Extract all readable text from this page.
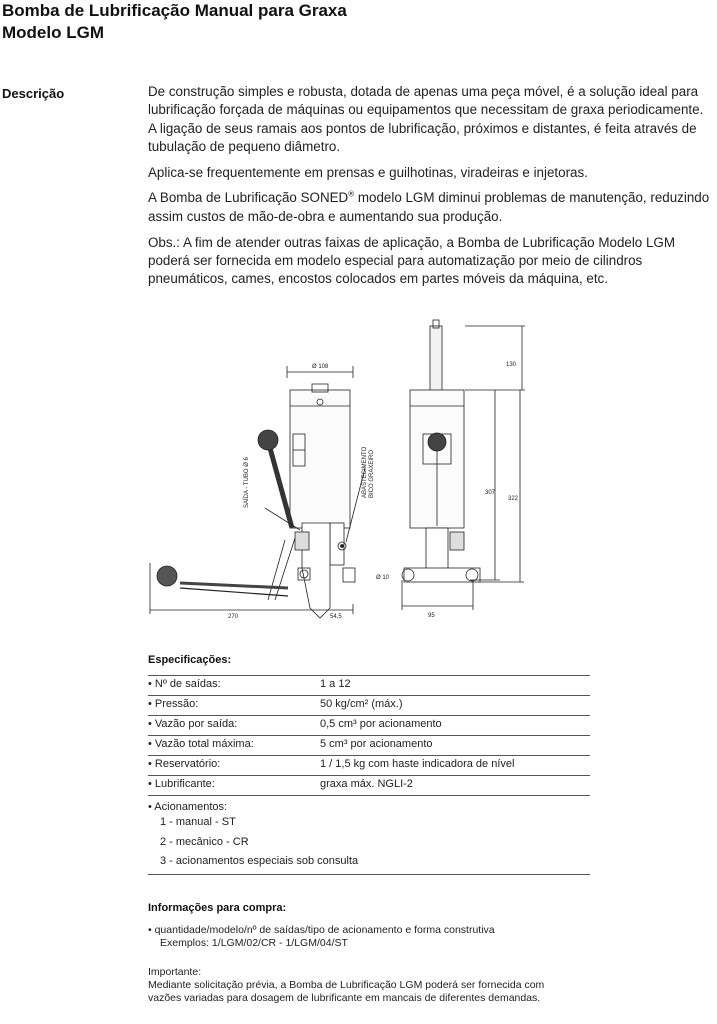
Bomba de Lubrificação Manual para Graxa
Modelo LGM
Descrição	De construção simples e robusta, dotada de apenas uma peça móvel, é a solução ideal para lubrificação forçada de máquinas ou equipamentos que necessitam de graxa periodicamente. A ligação de seus ramais aos pontos de lubrificação, próximos e distantes, é feita através de tubulação de pequeno diâmetro.

Aplica-se frequentemente em prensas e guilhotinas, viradeiras e injetoras.

A Bomba de Lubrificação SONED® modelo LGM diminui problemas de manutenção, reduzindo assim custos de mão-de-obra e aumentando sua produção.

Obs.: A fim de atender outras faixas de aplicação, a Bomba de Lubrificação Modelo LGM poderá ser fornecida em modelo especial para automatização por meio de cilindros pneumáticos, cames, encostos colocados em partes móveis da máquina, etc.

Ø 108
SAÍDA - TUBO Ø 6	ABASTECIMENTO BICO GRAXEIRO
270	54,5
130
307
322
Ø 10
95
Especificações:
• Nº de saídas:	1 a 12
• Pressão:	50 kg/cm² (máx.)
• Vazão por saída:	0,5 cm³ por acionamento
• Vazão total máxima:	5 cm³ por acionamento
• Reservatório:	1 / 1,5 kg com haste indicadora de nível
• Lubrificante:	graxa máx. NGLI-2

• Acionamentos:
1 - manual - ST
2 - mecânico - CR
3 - acionamentos especiais sob consulta	
Informações para compra:
• quantidade/modelo/nº de saídas/tipo de acionamento e forma construtiva
Exemplos: 1/LGM/02/CR - 1/LGM/04/ST
Importante:
Mediante solicitação prévia, a Bomba de Lubrificação LGM poderá ser fornecida com vazões variadas para dosagem de lubrificante em mancais de diferentes demandas.
